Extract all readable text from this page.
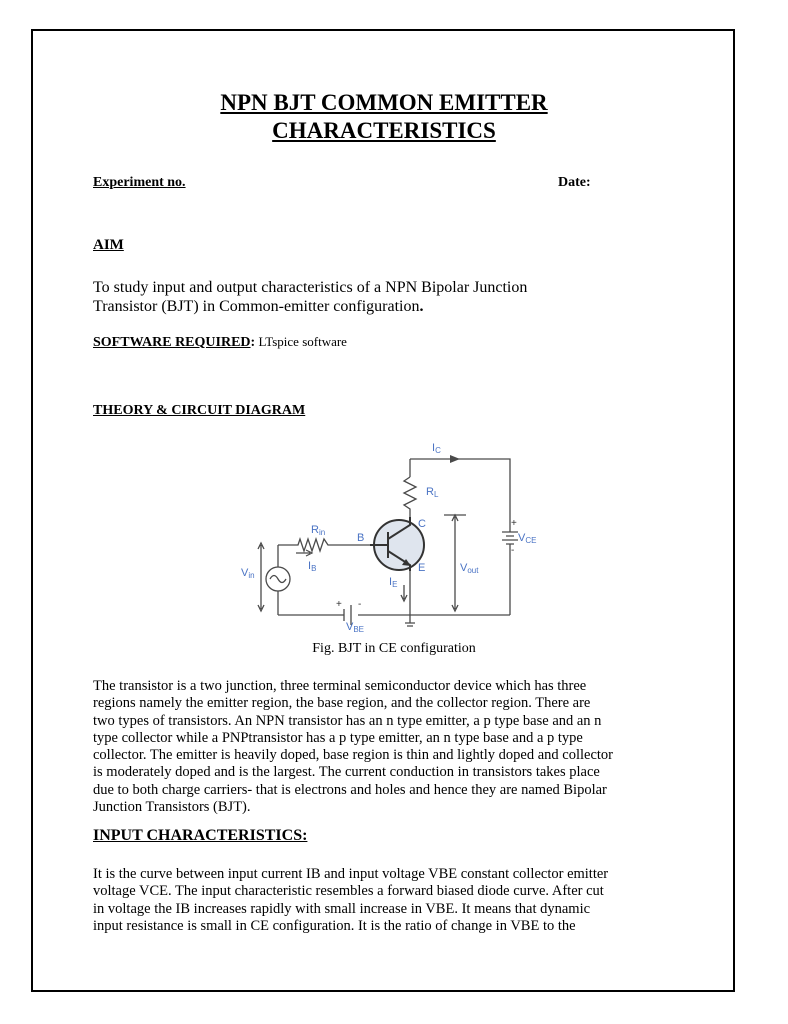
NPN BJT COMMON EMITTER
CHARACTERISTICS
Experiment no.	Date:
AIM
To study input and output characteristics of a NPN Bipolar Junction
Transistor (BJT) in Common-emitter configuration.
SOFTWARE REQUIRED: LTspice software
THEORY & CIRCUIT DIAGRAM
IC
RL
Rin
C
B
E
IB
IE
Vin
Vout
VCE
VBE
+
-
+ -
Fig. BJT in CE configuration
The transistor is a two junction, three terminal semiconductor device which has three
regions namely the emitter region, the base region, and the collector region. There are
two types of transistors. An NPN transistor has an n type emitter, a p type base and an n
type collector while a PNPtransistor has a p type emitter, an n type base and a p type
collector. The emitter is heavily doped, base region is thin and lightly doped and collector
is moderately doped and is the largest. The current conduction in transistors takes place
due to both charge carriers- that is electrons and holes and hence they are named Bipolar
Junction Transistors (BJT).
INPUT CHARACTERISTICS:
It is the curve between input current IB and input voltage VBE constant collector emitter
voltage VCE. The input characteristic resembles a forward biased diode curve. After cut
in voltage the IB increases rapidly with small increase in VBE. It means that dynamic
input resistance is small in CE configuration. It is the ratio of change in VBE to the
